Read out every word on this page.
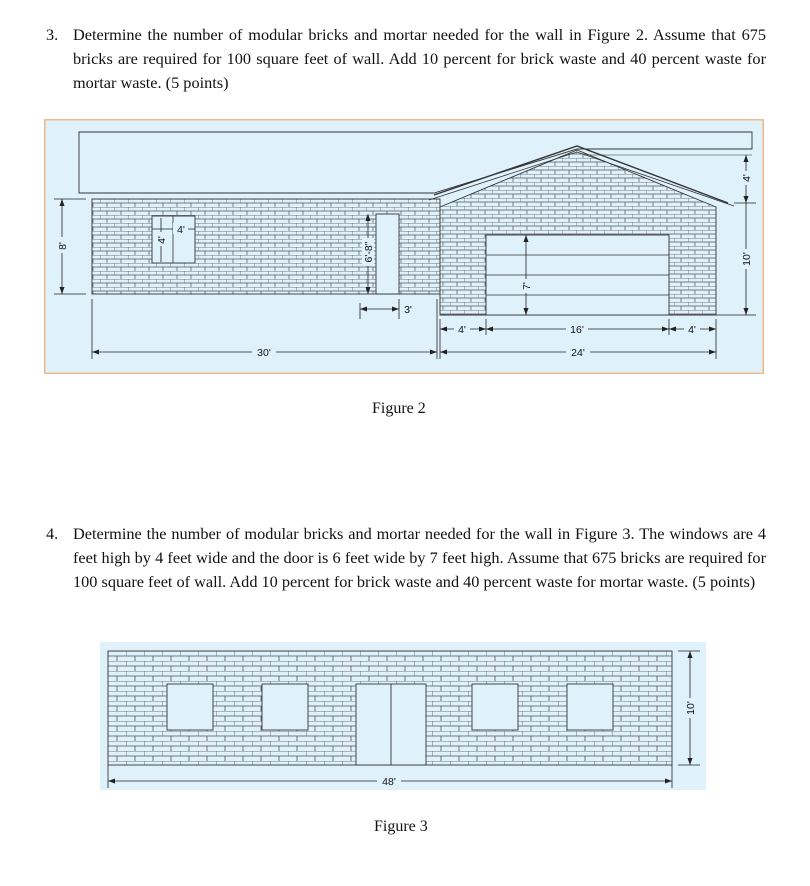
3. Determine the number of modular bricks and mortar needed for the wall in Figure 2. Assume that 675 bricks are required for 100 square feet of wall. Add 10 percent for brick waste and 40 percent waste for mortar waste. (5 points)
8'
4'
4'
6'-8"
3'
30'
4'	16'	4'
24'
7'
4'
10'
Figure 2
4. Determine the number of modular bricks and mortar needed for the wall in Figure 3. The windows are 4 feet high by 4 feet wide and the door is 6 feet wide by 7 feet high. Assume that 675 bricks are required for 100 square feet of wall. Add 10 percent for brick waste and 40 percent waste for mortar waste. (5 points)
48'
10'
Figure 3
